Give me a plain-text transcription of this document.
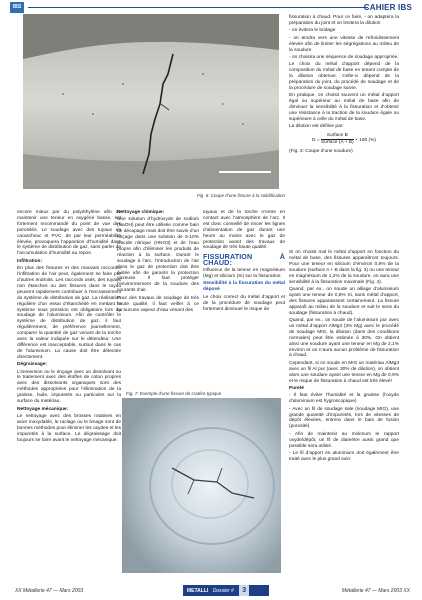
IBS	CAHIER IBS
Fig. 6: Coupe d’une fissure à la solidification

fissuration à chaud. Pour ce faire, - on adaptera la préparation du joint et on limitera la dilution

- on évitera le bridage

- on tendra vers une vitesse de refroidissement élevée afin de limiter les ségrégations au milieu de la soudure

- on choisira une séquence de soudage appropriée.

Le choix du métal d’apport dépend de la composition du métal de base en tenant compte de la dilution obtenue. Celle-ci dépend de la préparation du joint, du procédé de soudage et de la procédure de soudage suivie.

En pratique, on choisit souvent un métal d’apport égal ou supérieur au métal de base afin de diminuer la sensibilité à la fissuration et d’obtenir une résistance à la traction de la soudure égale ou supérieure à celle du métal de base.

La dilution est définie par:

D =
Surface B
Surface (A + B) × 100 (%)

(Fig. 3: Coupe d’une soudure)

encore mieux par du polyéthylène afin de maintenir une teneur en oxygène basse, est fortement recommandé du point de vue des porosités. Le soudage avec des tuyaux en caoutchouc et PVC, de par leur perméabilité élevée, provoquera l’apparition d’humidité dans le système de distribution de gaz, sans parler de l’accumulation d’humidité au repos.

Infiltration:

En plus des fissures et des mauvais raccords, l’infiltration de l’air peut, également se faire par d’autres endroits. Les raccords usés, des tuyaux non étanches ou des fissures dans le tuyau peuvent rapidement contribuer à l’encrassement du système de distribution de gaz. La réalisation régulière d’un essai d’étanchéité en mettant le système sous pression est obligatoire lors du soudage de l’aluminium. Afin de contrôler le système de distribution de gaz, il faut régulièrement, de préférence journellement, comparer la quantité de gaz venant de la torche avec la valeur indiquée sur le détendeur. Une différence est inacceptable, surtout dans le cas de l’aluminium. La cause doit être détectée directement.

Dégraissage:

L’immersion ou le rinçage avec un dissolvant ou le traitement avec des étoffes de coton propres avec des dissolvants organiques sont des méthodes appropriées pour l’élimination de la graisse, huile, impuretés ou particules sur la surface du matériau.

Nettoyage mécanique:

Le nettoyage avec des brosses rotatives en acier inoxydable, le raclage ou le limage sont de bonnes méthodes pour éliminer les oxydes et les impuretés à la surface. Le dégraissage doit toujours se faire avant le nettoyage mécanique.

Nettoyage chimique:

Une solution d’hydroxyde de sodium (NaOH) peut être utilisée comme bain de décapage mais doit être suivie d’un rinçage dans une solution de 5-10% d’acide nitrique (HNO3) et de l’eau propre afin d’éliminer les produits de réaction à la surface. Durant le soudage à l’arc, l’introduction de l’air dans le gaz de protection doit être évitée afin de garantir la protection gazeuse. Il faut protéger l’environnement de la soudure des courants d’air.

Pour des travaux de soudage de très haute qualité, il faut veiller à ce qu’aucune vapeur d’eau venant des

tuyaux et de la torche n’entre en contact avec l’atmosphère de l’arc. Il est donc conseillé de rincer les lignes d’alimentation de gaz durant une heure au moins avec le gaz de protection avant des travaux de soudage de très haute qualité.

FISSURATION À CHAUD:

Influence de la teneur en magnésium (Mg) et silicium (Si) sur la fissuration:

Sensibilité à la fissuration du métal déposé

Le choix correct du métal d’apport et de la procédure de soudage peut fortement diminuer le risque de

Fig. 7: Exemple d’une fissure de cratère typique

Si on choisit mal le métal d’apport en fonction du métal de base, des fissures apparaîtront toujours. Pour une teneur en silicium d’environ 0,8% de la soudure (surface A + B dans la fig. 3) ou une teneur en magnésium de 1,2% de la soudure, on aura une sensibilité à la fissuration maximale (Fig. 4).

Quand, par ex., on soude un alliage d’aluminium ayant une teneur de 0,8% Si, sans métal d’apport, des fissures apparaissent certainement. La fissure apparaît au milieu de la soudure et suit le sens du soudage (fissuration à chaud).

Quand, par ex., on soude de l’aluminium pur avec un métal d’apport AlMg3 (3% Mg) avec le procédé de soudage MIG, la dilution (dans des conditions normales) peut être estimée à 30%. On obtient ainsi une soudure ayant une teneur en Mg de 2,1% environ et on n’aura aucun problème de fissuration à chaud.

Cependant, si on soude en MIG un matériau AlMg3 avec un fil Al pur (avec 30% de dilution), on obtient alors une soudure ayant une teneur en Mg de 0,9% et le risque de fissuration à chaud est très élevé!

Pureté

- Il faut éviter l’humidité et la graisse (l’oxyde d’aluminium est hygroscopique)

- Avec un fil de soudage sale (soudage MIG), une grande quantité d’impuretés, lors de vitesses de dépôt élevées, entrera dans le bain de fusion (porosité)

- Afin de maintenir au minimum le rapport oxyde/dépôt, un fil de diamètre aussi grand que possible sera utilisé.

- Le fil d’apport en aluminium doit également être traité avec le plus grand soin:

XX Métallerie 47 — Mars 2003	METALLI Dossier # 3	Métallerie 47 — Mars 2003 XX
